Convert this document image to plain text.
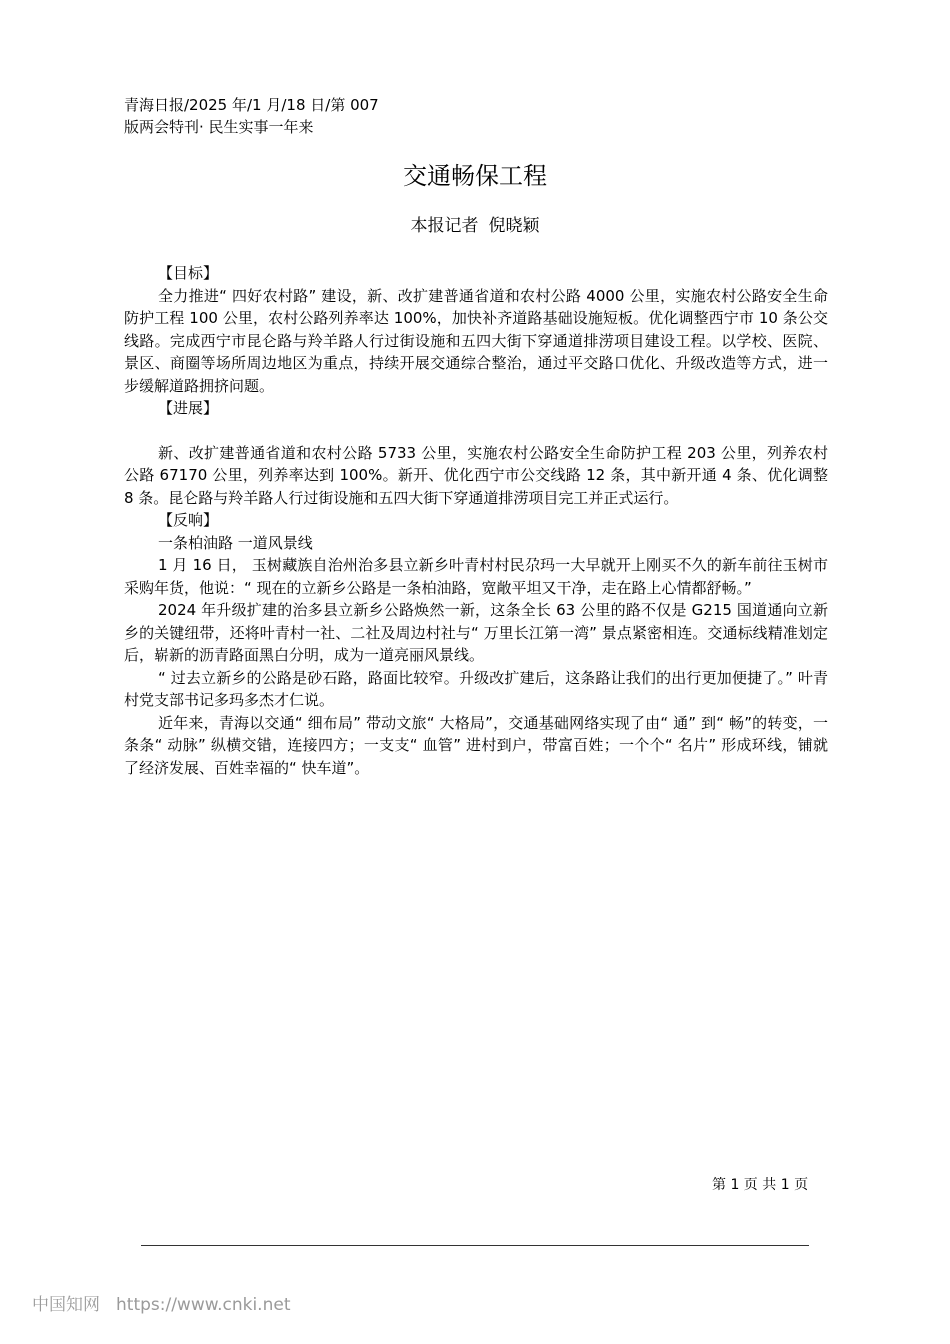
青海日报/2025 年/1 月/18 日/第 007
版两会特刊· 民生实事一年来
交通畅保工程
本报记者 倪晓颖

【目标】

全力推进“ 四好农村路” 建设，新、改扩建普通省道和农村公路 4000 公里，实施农村公路安全生命防护工程 100 公里，农村公路列养率达 100%，加快补齐道路基础设施短板。优化调整西宁市 10 条公交线路。完成西宁市昆仑路与羚羊路人行过街设施和五四大街下穿通道排涝项目建设工程。以学校、医院、景区、商圈等场所周边地区为重点，持续开展交通综合整治，通过平交路口优化、升级改造等方式，进一步缓解道路拥挤问题。

【进展】

新、改扩建普通省道和农村公路 5733 公里，实施农村公路安全生命防护工程 203 公里，列养农村公路 67170 公里，列养率达到 100%。新开、优化西宁市公交线路 12 条，其中新开通 4 条、优化调整 8 条。昆仑路与羚羊路人行过街设施和五四大街下穿通道排涝项目完工并正式运行。

【反响】

一条柏油路 一道风景线

1 月 16 日， 玉树藏族自治州治多县立新乡叶青村村民尕玛一大早就开上刚买不久的新车前往玉树市采购年货，他说：“ 现在的立新乡公路是一条柏油路，宽敞平坦又干净，走在路上心情都舒畅。”

2024 年升级扩建的治多县立新乡公路焕然一新，这条全长 63 公里的路不仅是 G215 国道通向立新乡的关键纽带，还将叶青村一社、二社及周边村社与“ 万里长江第一湾” 景点紧密相连。交通标线精准划定后，崭新的沥青路面黑白分明，成为一道亮丽风景线。

“ 过去立新乡的公路是砂石路，路面比较窄。升级改扩建后，这条路让我们的出行更加便捷了。” 叶青村党支部书记多玛多杰才仁说。

近年来，青海以交通“ 细布局” 带动文旅“ 大格局”，交通基础网络实现了由“ 通” 到“ 畅”的转变，一条条“ 动脉” 纵横交错，连接四方；一支支“ 血管” 进村到户，带富百姓；一个个“ 名片” 形成环线，铺就了经济发展、百姓幸福的“ 快车道”。

第 1 页 共 1 页
中国知网 https://www.cnki.net
